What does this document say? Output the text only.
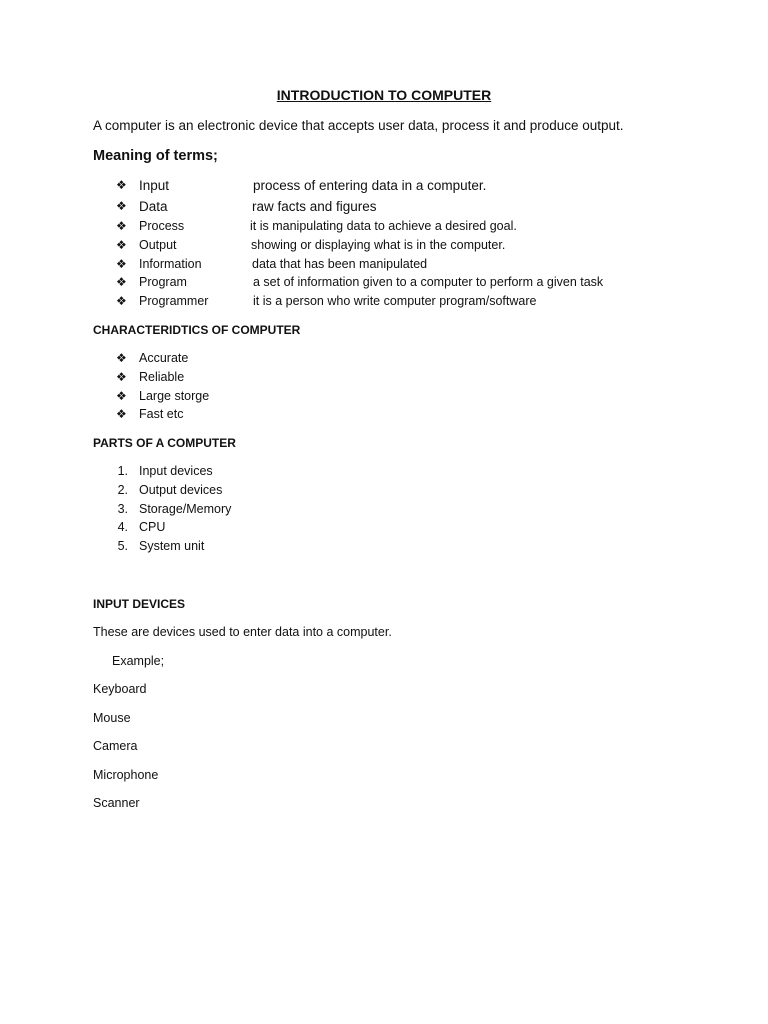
INTRODUCTION TO COMPUTER
A computer is an electronic device that accepts user data, process it and produce output.
Meaning of terms;
❖ Input	process of entering data in a computer.
❖ Data	raw facts and figures
❖ Process	it is manipulating data to achieve a desired goal.
❖ Output	showing or displaying what is in the computer.
❖ Information	data that has been manipulated
❖ Program	a set of information given to a computer to perform a given task
❖ Programmer	it is a person who write computer program/software
CHARACTERIDTICS OF COMPUTER
❖ Accurate
❖ Reliable
❖ Large storge
❖ Fast etc
PARTS OF A COMPUTER
1. Input devices
2. Output devices
3. Storage/Memory
4. CPU
5. System unit
INPUT DEVICES
These are devices used to enter data into a computer.
Example;
Keyboard
Mouse
Camera
Microphone
Scanner
